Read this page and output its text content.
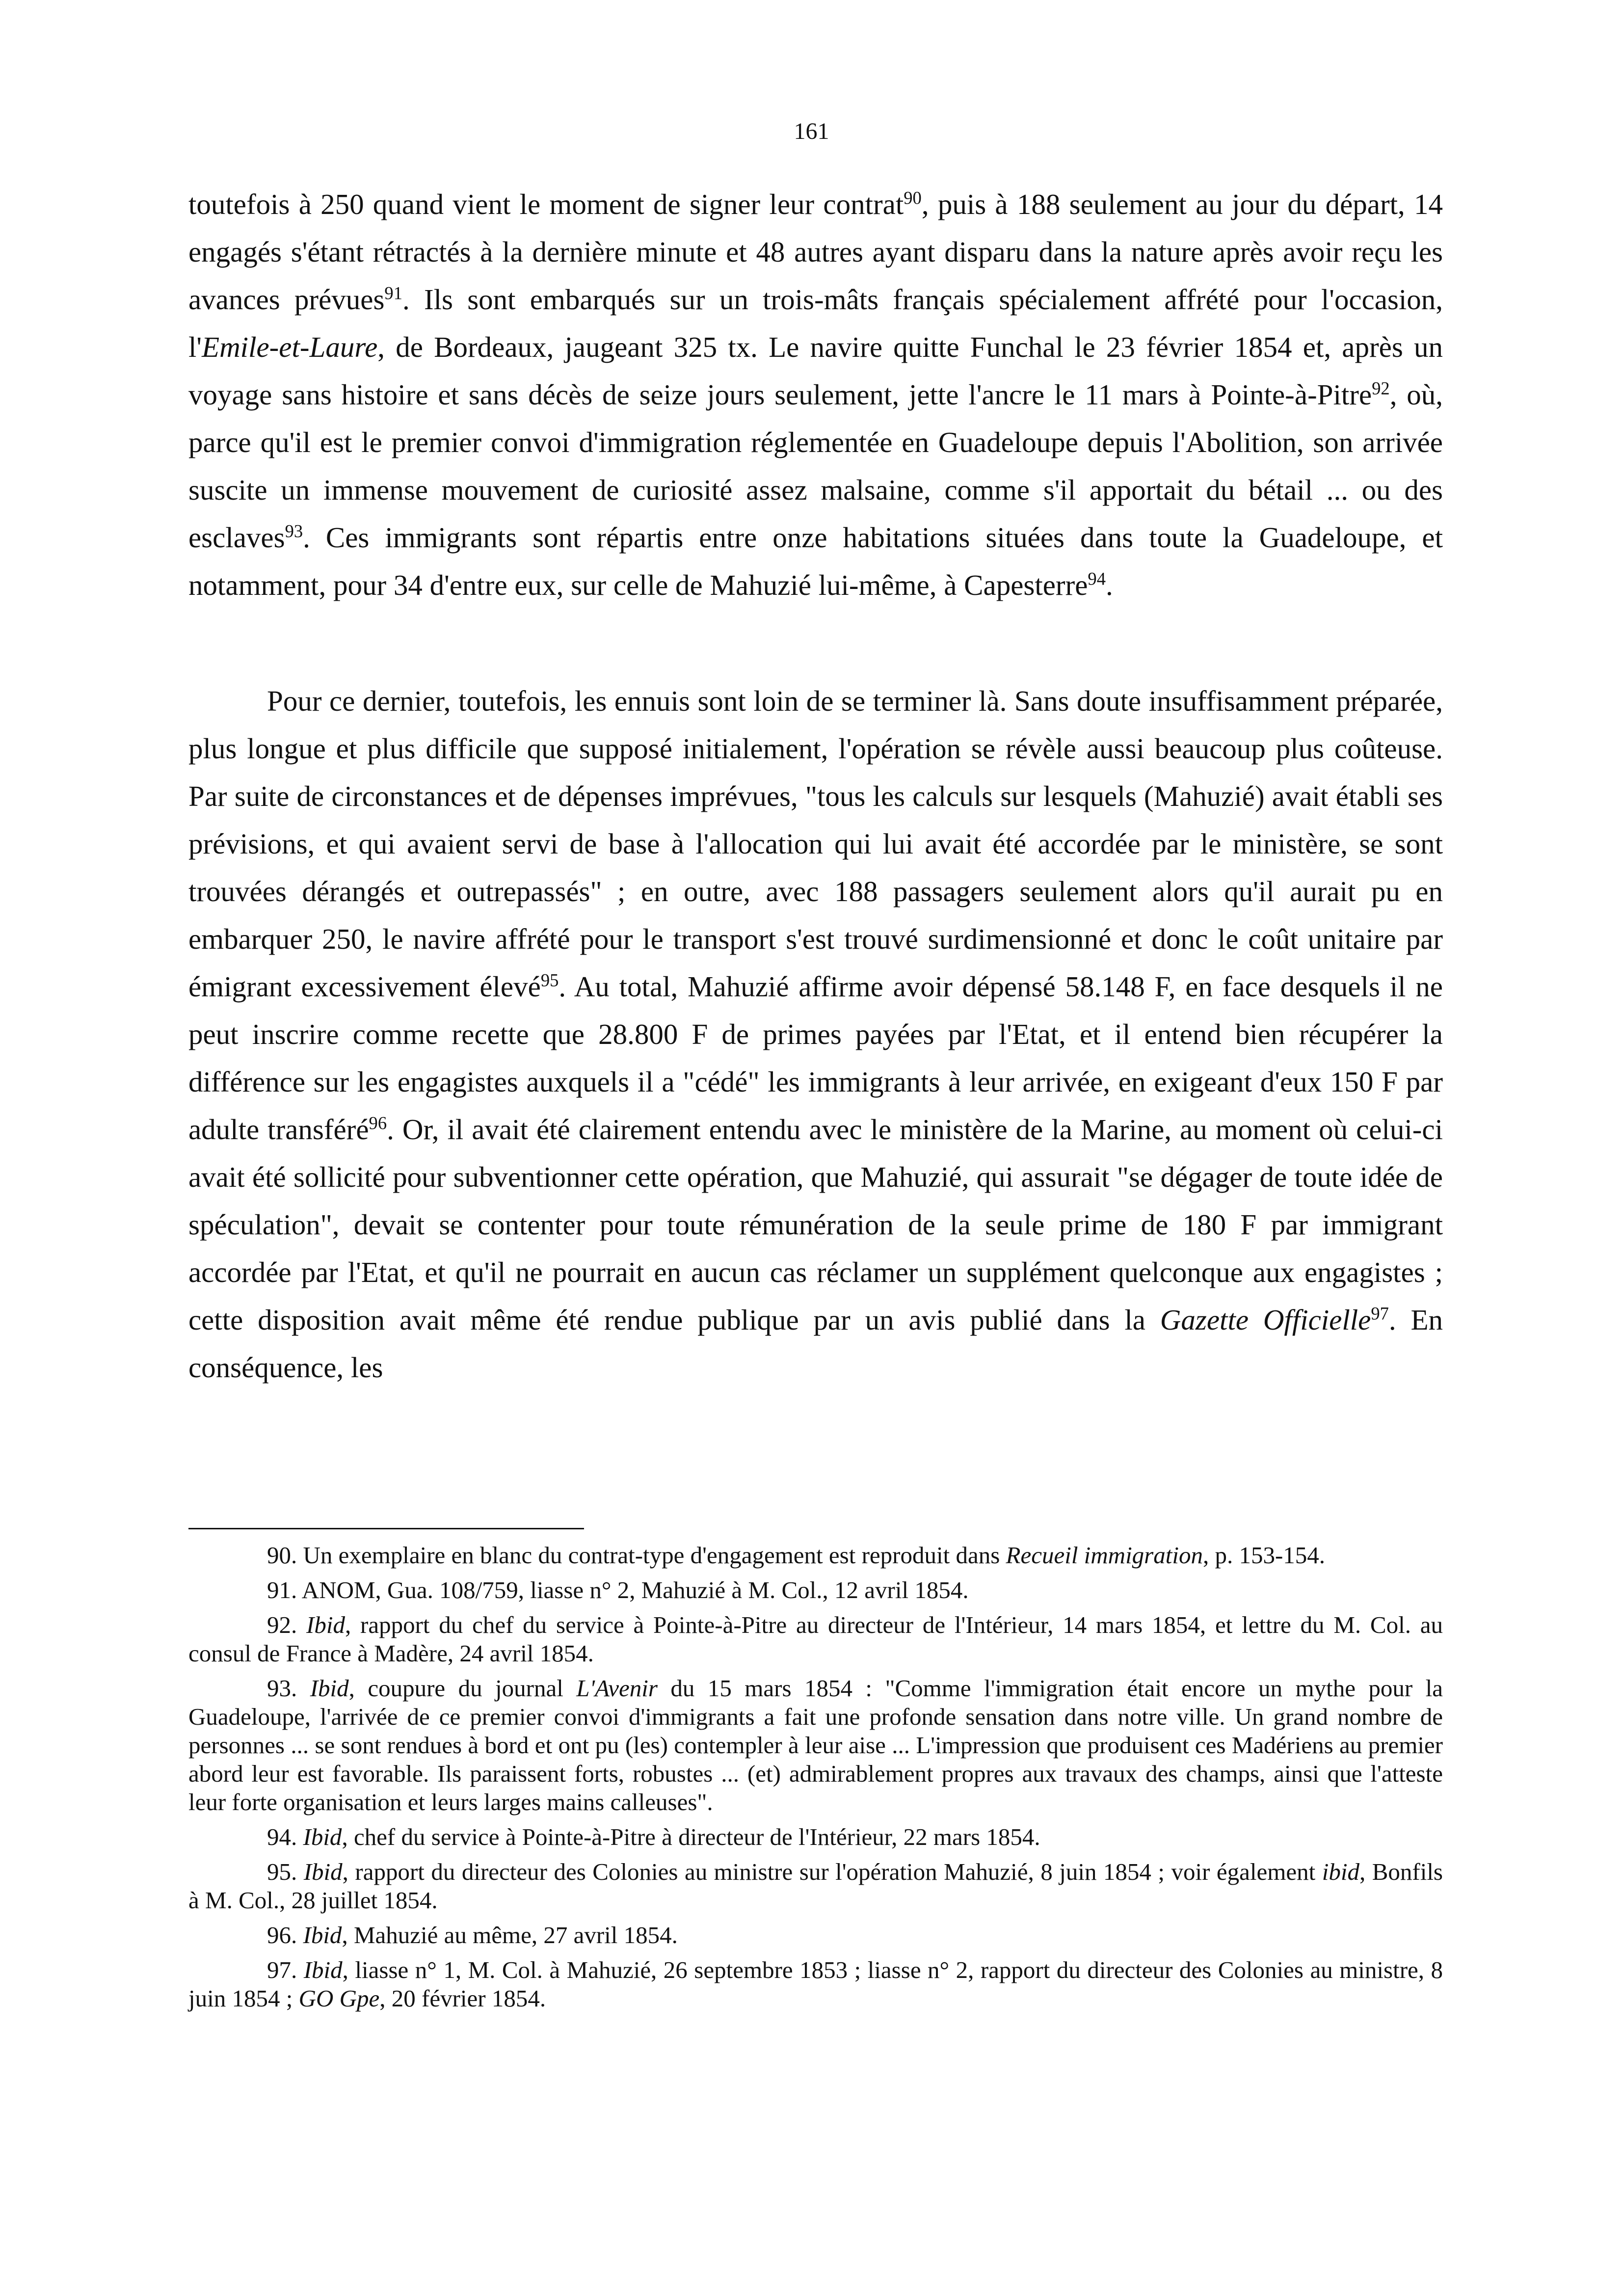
161

toutefois à 250 quand vient le moment de signer leur contrat$^{90}$, puis à 188 seulement au jour du départ, 14 engagés s'étant rétractés à la dernière minute et 48 autres ayant disparu dans la nature après avoir reçu les avances prévues$^{91}$. Ils sont embarqués sur un trois-mâts français spécialement affrété pour l'occasion, l'Emile-et-Laure, de Bordeaux, jaugeant 325 tx. Le navire quitte Funchal le 23 février 1854 et, après un voyage sans histoire et sans décès de seize jours seulement, jette l'ancre le 11 mars à Pointe-à-Pitre$^{92}$, où, parce qu'il est le premier convoi d'immigration réglementée en Guadeloupe depuis l'Abolition, son arrivée suscite un immense mouvement de curiosité assez malsaine, comme s'il apportait du bétail ... ou des esclaves$^{93}$. Ces immigrants sont répartis entre onze habitations situées dans toute la Guadeloupe, et notamment, pour 34 d'entre eux, sur celle de Mahuzié lui-même, à Capesterre$^{94}$.

Pour ce dernier, toutefois, les ennuis sont loin de se terminer là. Sans doute insuffisamment préparée, plus longue et plus difficile que supposé initialement, l'opération se révèle aussi beaucoup plus coûteuse. Par suite de circonstances et de dépenses imprévues, "tous les calculs sur lesquels (Mahuzié) avait établi ses prévisions, et qui avaient servi de base à l'allocation qui lui avait été accordée par le ministère, se sont trouvées dérangés et outrepassés" ; en outre, avec 188 passagers seulement alors qu'il aurait pu en embarquer 250, le navire affrété pour le transport s'est trouvé surdimensionné et donc le coût unitaire par émigrant excessivement élevé$^{95}$. Au total, Mahuzié affirme avoir dépensé 58.148 F, en face desquels il ne peut inscrire comme recette que 28.800 F de primes payées par l'Etat, et il entend bien récupérer la différence sur les engagistes auxquels il a "cédé" les immigrants à leur arrivée, en exigeant d'eux 150 F par adulte transféré$^{96}$. Or, il avait été clairement entendu avec le ministère de la Marine, au moment où celui-ci avait été sollicité pour subventionner cette opération, que Mahuzié, qui assurait "se dégager de toute idée de spéculation", devait se contenter pour toute rémunération de la seule prime de 180 F par immigrant accordée par l'Etat, et qu'il ne pourrait en aucun cas réclamer un supplément quelconque aux engagistes ; cette disposition avait même été rendue publique par un avis publié dans la Gazette Officielle$^{97}$. En conséquence, les

90. Un exemplaire en blanc du contrat-type d'engagement est reproduit dans Recueil immigration, p. 153-154.

91. ANOM, Gua. 108/759, liasse n° 2, Mahuzié à M. Col., 12 avril 1854.

92. Ibid, rapport du chef du service à Pointe-à-Pitre au directeur de l'Intérieur, 14 mars 1854, et lettre du M. Col. au consul de France à Madère, 24 avril 1854.

93. Ibid, coupure du journal L'Avenir du 15 mars 1854 : "Comme l'immigration était encore un mythe pour la Guadeloupe, l'arrivée de ce premier convoi d'immigrants a fait une profonde sensation dans notre ville. Un grand nombre de personnes ... se sont rendues à bord et ont pu (les) contempler à leur aise ... L'impression que produisent ces Madériens au premier abord leur est favorable. Ils paraissent forts, robustes ... (et) admirablement propres aux travaux des champs, ainsi que l'atteste leur forte organisation et leurs larges mains calleuses".

94. Ibid, chef du service à Pointe-à-Pitre à directeur de l'Intérieur, 22 mars 1854.

95. Ibid, rapport du directeur des Colonies au ministre sur l'opération Mahuzié, 8 juin 1854 ; voir également ibid, Bonfils à M. Col., 28 juillet 1854.

96. Ibid, Mahuzié au même, 27 avril 1854.

97. Ibid, liasse n° 1, M. Col. à Mahuzié, 26 septembre 1853 ; liasse n° 2, rapport du directeur des Colonies au ministre, 8 juin 1854 ; GO Gpe, 20 février 1854.
